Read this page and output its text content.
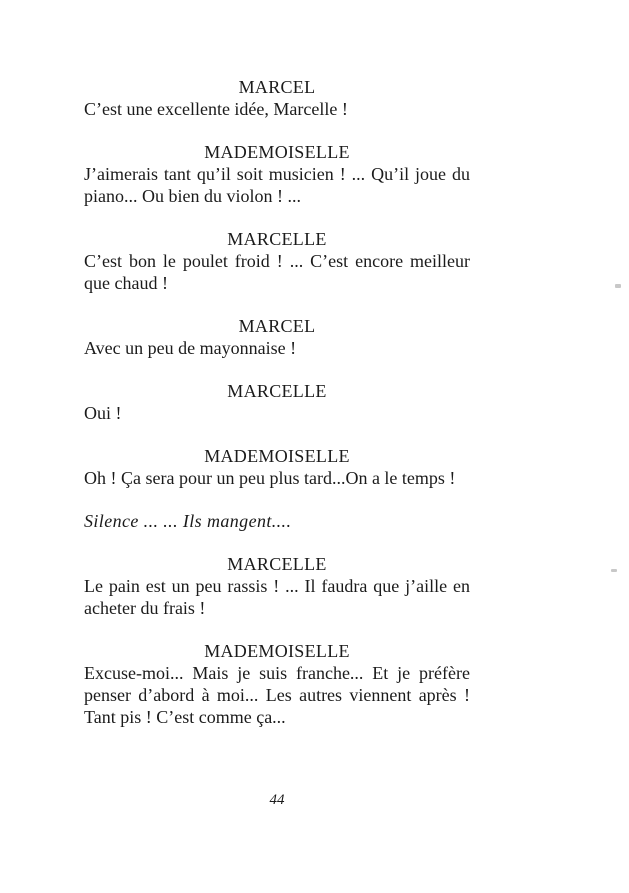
MARCEL
C’est une excellente idée, Marcelle !
MADEMOISELLE
J’aimerais tant qu’il soit musicien ! ... Qu’il joue du
piano... Ou bien du violon ! ...
MARCELLE
C’est bon le poulet froid ! ... C’est encore meilleur
que chaud !
MARCEL
Avec un peu de mayonnaise !
MARCELLE
Oui !
MADEMOISELLE
Oh ! Ça sera pour un peu plus tard...On a le temps !
Silence ... ... Ils mangent....
MARCELLE
Le pain est un peu rassis ! ... Il faudra que j’aille en
acheter du frais !
MADEMOISELLE
Excuse-moi... Mais je suis franche... Et je préfère
penser d’abord à moi... Les autres viennent après !
Tant pis ! C’est comme ça...
44
